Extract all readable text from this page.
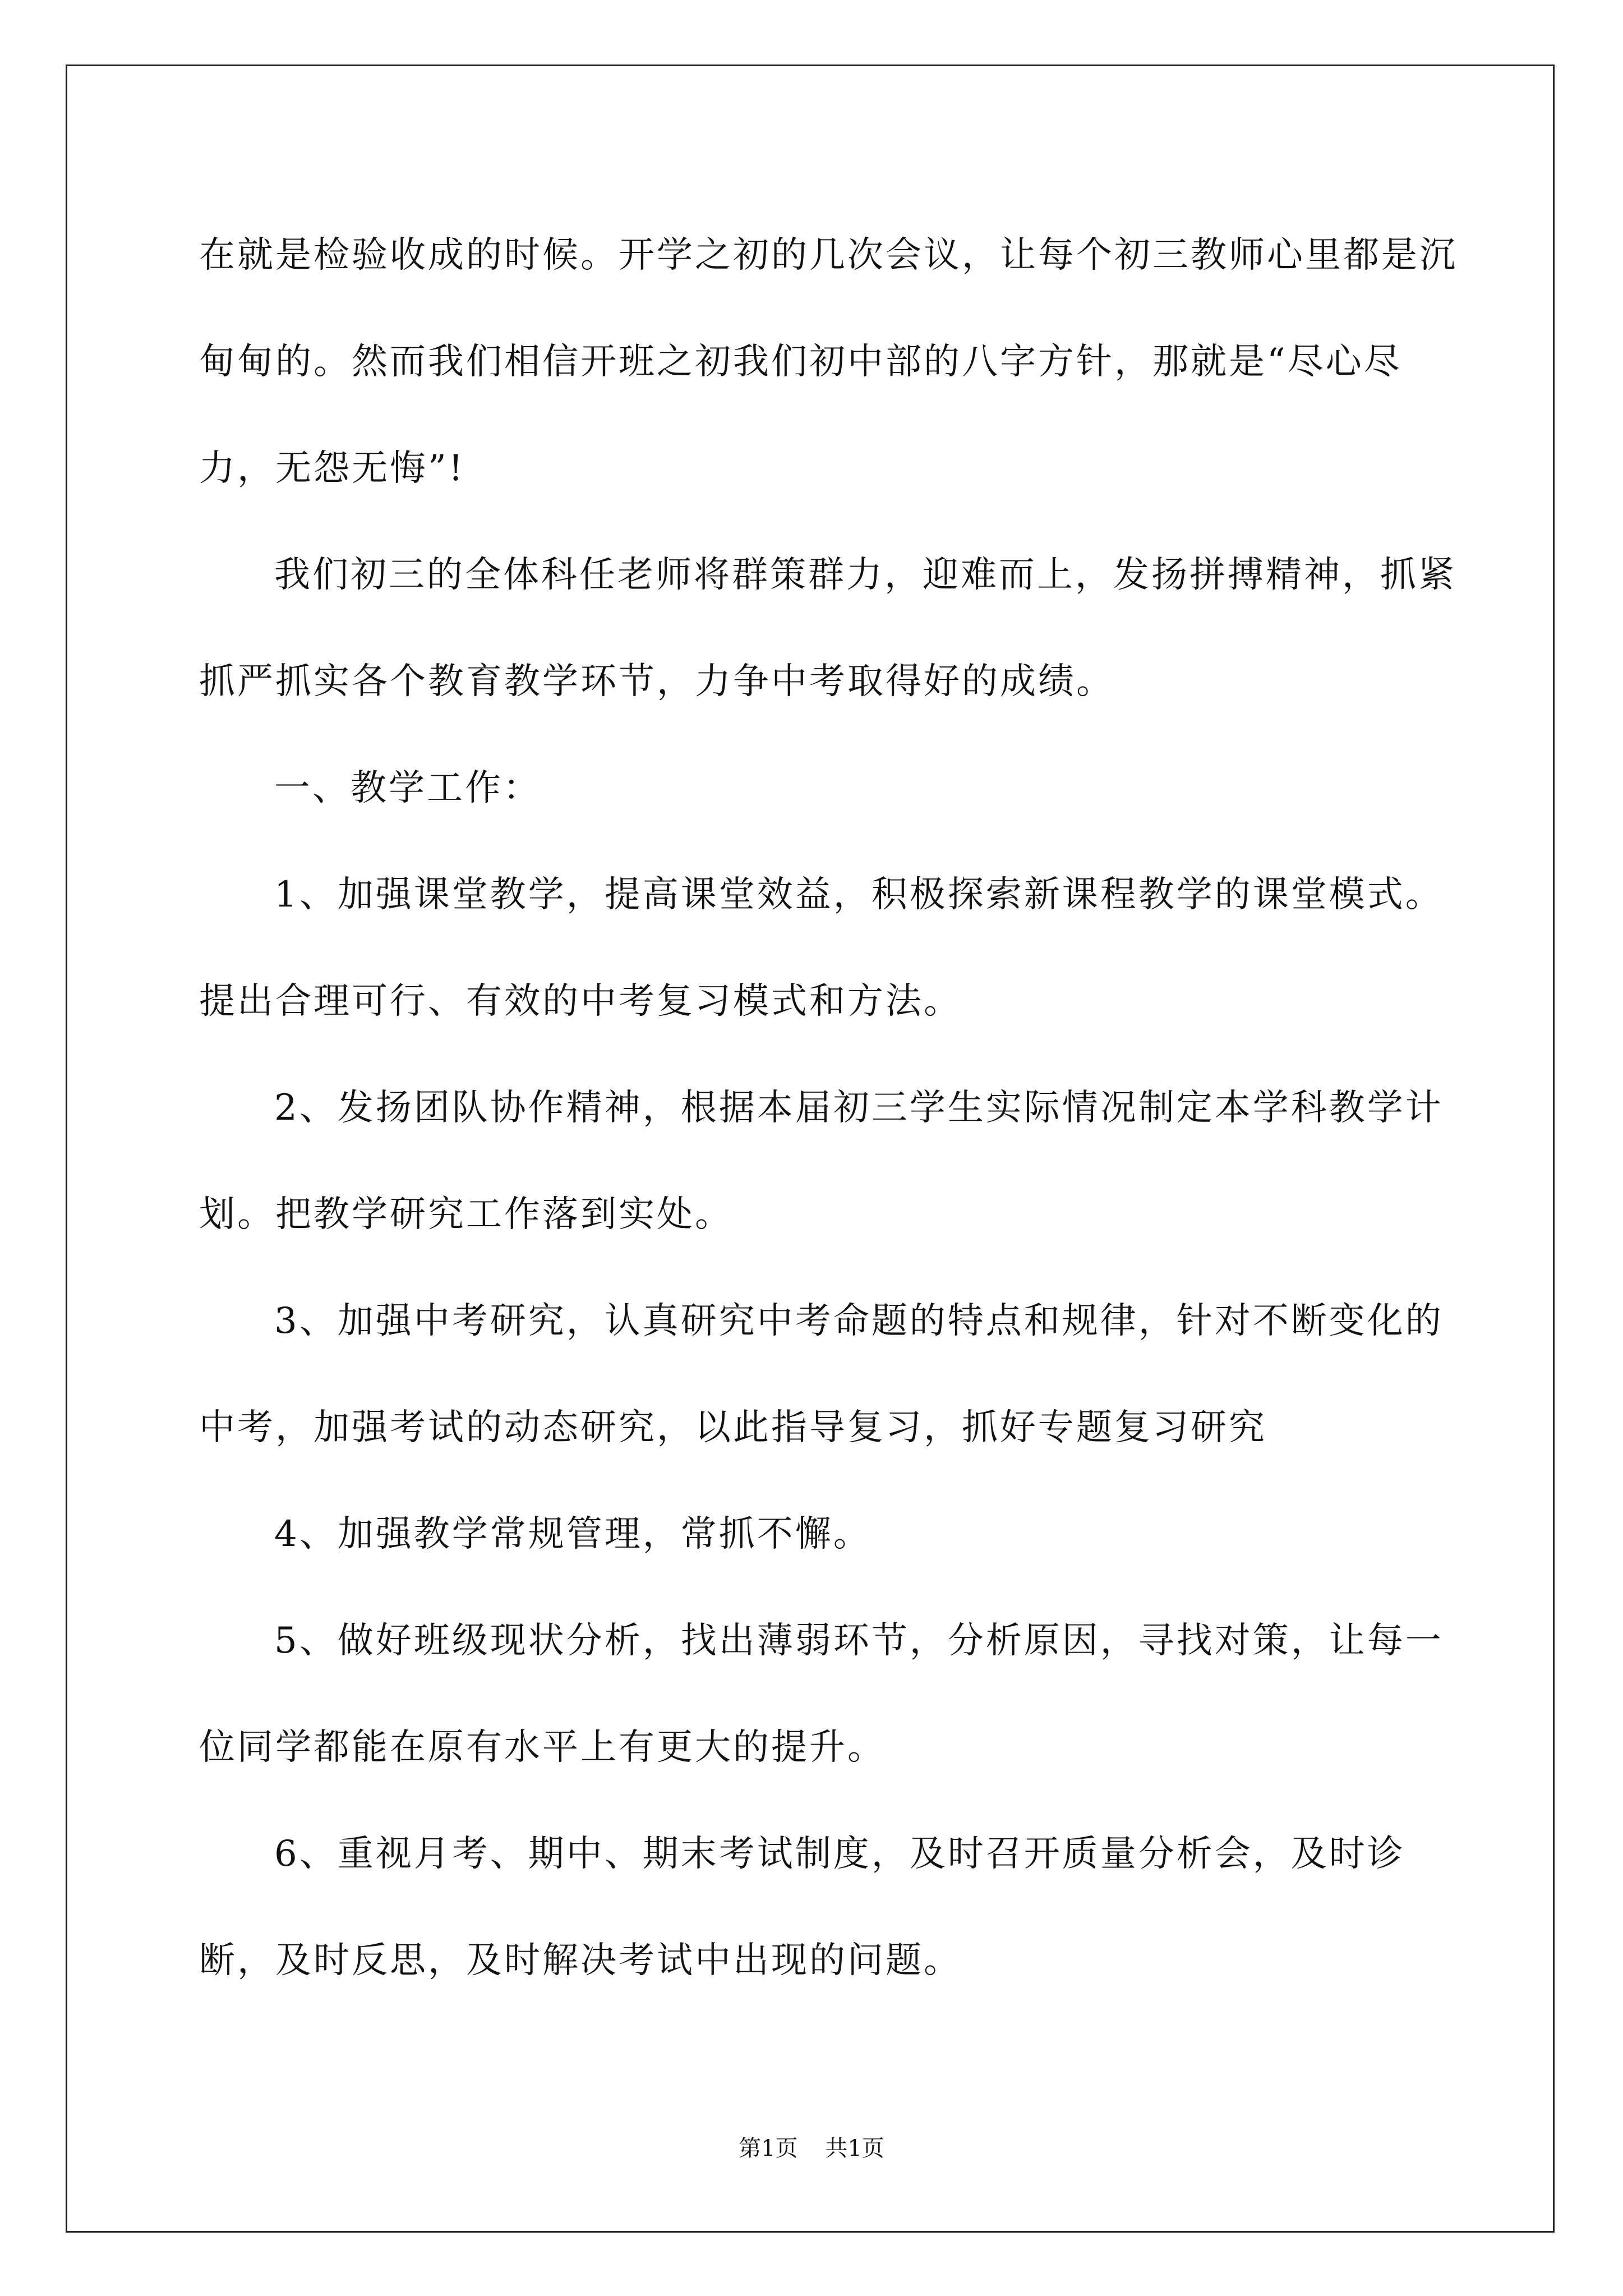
在就是检验收成的时候。开学之初的几次会议，让每个初三教师心里都是沉甸甸的。然而我们相信开班之初我们初中部的八字方针，那就是“尽心尽力，无怨无悔”!

我们初三的全体科任老师将群策群力，迎难而上，发扬拼搏精神，抓紧抓严抓实各个教育教学环节，力争中考取得好的成绩。

一、教学工作：

1、加强课堂教学，提高课堂效益，积极探索新课程教学的课堂模式。提出合理可行、有效的中考复习模式和方法。

2、发扬团队协作精神，根据本届初三学生实际情况制定本学科教学计划。把教学研究工作落到实处。

3、加强中考研究，认真研究中考命题的特点和规律，针对不断变化的中考，加强考试的动态研究，以此指导复习，抓好专题复习研究

4、加强教学常规管理，常抓不懈。

5、做好班级现状分析，找出薄弱环节，分析原因，寻找对策，让每一位同学都能在原有水平上有更大的提升。

6、重视月考、期中、期末考试制度，及时召开质量分析会，及时诊断，及时反思，及时解决考试中出现的问题。

第1页 共1页
